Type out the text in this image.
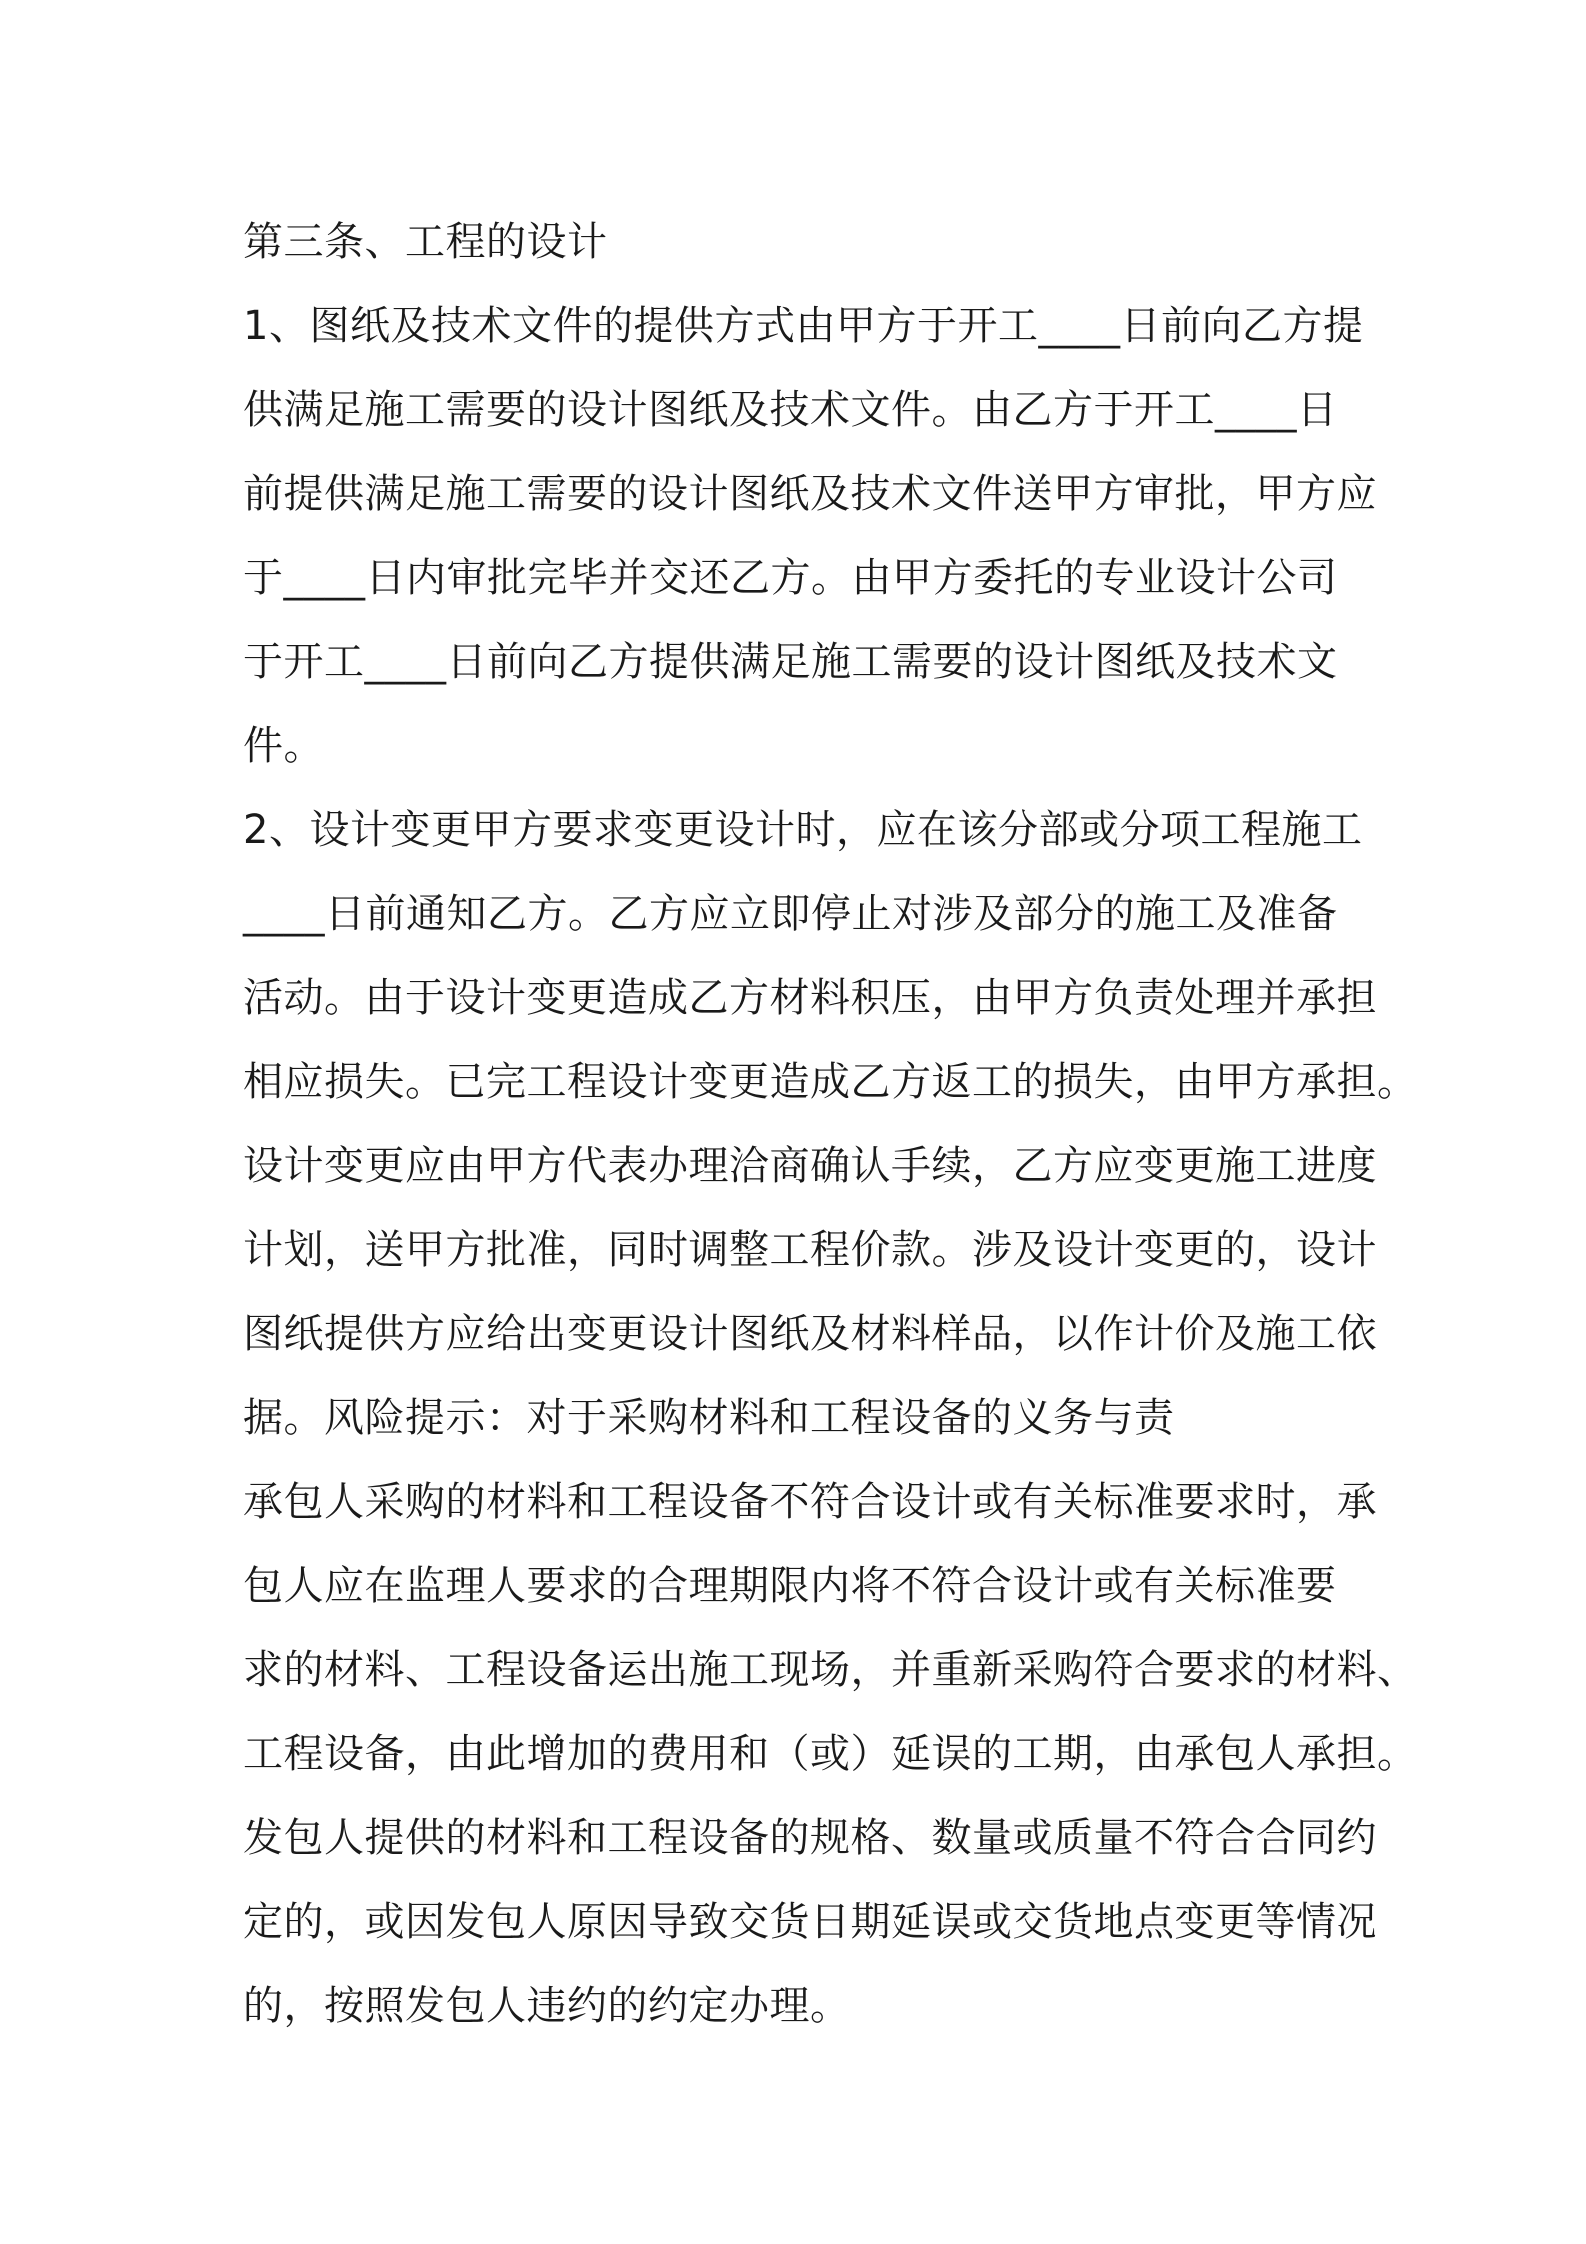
第三条、工程的设计
1、图纸及技术文件的提供方式由甲方于开工____日前向乙方提
供满足施工需要的设计图纸及技术文件。由乙方于开工____日
前提供满足施工需要的设计图纸及技术文件送甲方审批，甲方应
于____日内审批完毕并交还乙方。由甲方委托的专业设计公司
于开工____日前向乙方提供满足施工需要的设计图纸及技术文
件。
2、设计变更甲方要求变更设计时，应在该分部或分项工程施工
____日前通知乙方。乙方应立即停止对涉及部分的施工及准备
活动。由于设计变更造成乙方材料积压，由甲方负责处理并承担
相应损失。已完工程设计变更造成乙方返工的损失，由甲方承担。
设计变更应由甲方代表办理洽商确认手续，乙方应变更施工进度
计划，送甲方批准，同时调整工程价款。涉及设计变更的，设计
图纸提供方应给出变更设计图纸及材料样品，以作计价及施工依
据。风险提示：对于采购材料和工程设备的义务与责
承包人采购的材料和工程设备不符合设计或有关标准要求时，承
包人应在监理人要求的合理期限内将不符合设计或有关标准要
求的材料、工程设备运出施工现场，并重新采购符合要求的材料、
工程设备，由此增加的费用和（或）延误的工期，由承包人承担。
发包人提供的材料和工程设备的规格、数量或质量不符合合同约
定的，或因发包人原因导致交货日期延误或交货地点变更等情况
的，按照发包人违约的约定办理。
